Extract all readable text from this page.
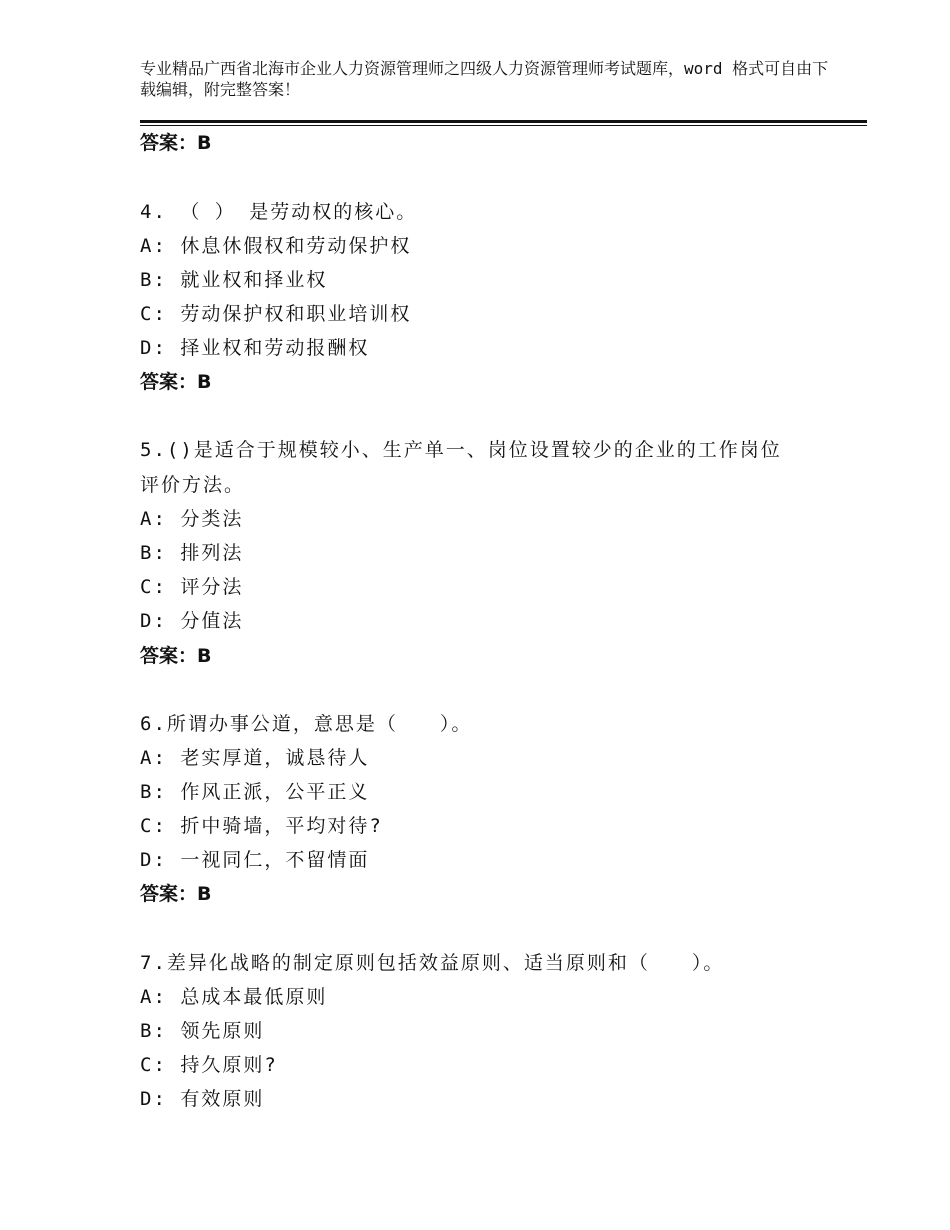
专业精品广西省北海市企业人力资源管理师之四级人力资源管理师考试题库，word 格式可自由下载编辑，附完整答案！
答案：B
4. （ ） 是劳动权的核心。
A: 休息休假权和劳动保护权
B: 就业权和择业权
C: 劳动保护权和职业培训权
D: 择业权和劳动报酬权
答案：B
5.()是适合于规模较小、生产单一、岗位设置较少的企业的工作岗位
评价方法。
A: 分类法
B: 排列法
C: 评分法
D: 分值法
答案：B
6.所谓办事公道，意思是（　　）。
A: 老实厚道，诚恳待人
B: 作风正派，公平正义
C: 折中骑墙，平均对待?
D: 一视同仁，不留情面
答案：B
7.差异化战略的制定原则包括效益原则、适当原则和（　　）。
A: 总成本最低原则
B: 领先原则
C: 持久原则?
D: 有效原则
